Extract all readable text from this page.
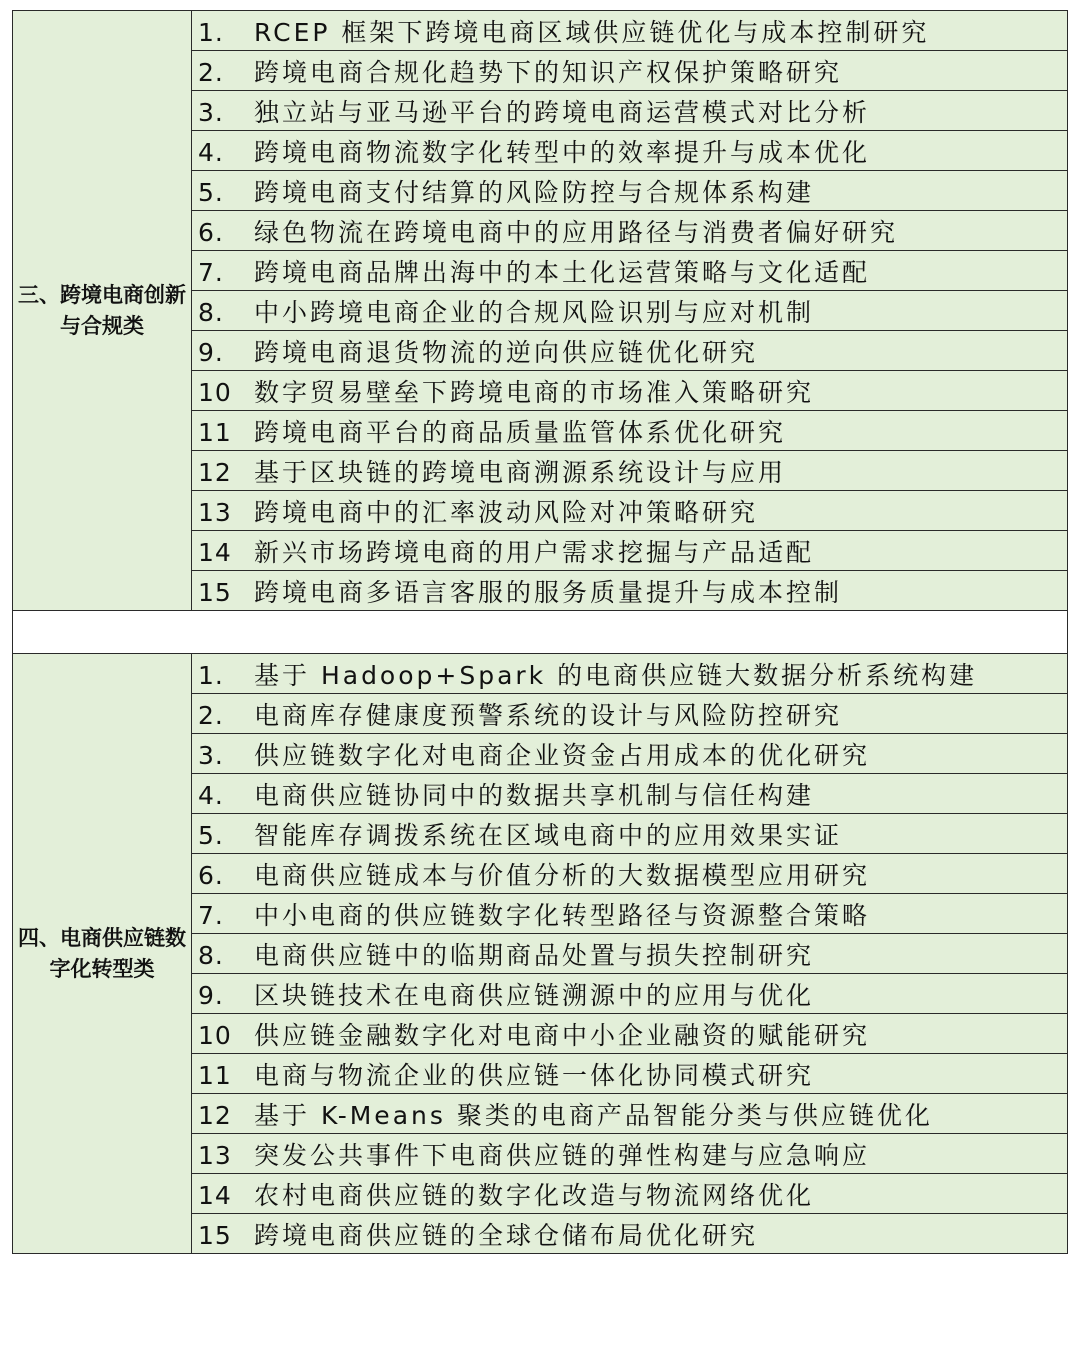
三、跨境电商创新与合规类	1. RCEP 框架下跨境电商区域供应链优化与成本控制研究
	2. 跨境电商合规化趋势下的知识产权保护策略研究
	3. 独立站与亚马逊平台的跨境电商运营模式对比分析
	4. 跨境电商物流数字化转型中的效率提升与成本优化
	5. 跨境电商支付结算的风险防控与合规体系构建
	6. 绿色物流在跨境电商中的应用路径与消费者偏好研究
	7. 跨境电商品牌出海中的本土化运营策略与文化适配
	8. 中小跨境电商企业的合规风险识别与应对机制
	9. 跨境电商退货物流的逆向供应链优化研究
	10 数字贸易壁垒下跨境电商的市场准入策略研究
	11 跨境电商平台的商品质量监管体系优化研究
	12 基于区块链的跨境电商溯源系统设计与应用
	13 跨境电商中的汇率波动风险对冲策略研究
	14 新兴市场跨境电商的用户需求挖掘与产品适配
	15 跨境电商多语言客服的服务质量提升与成本控制

四、电商供应链数字化转型类	1. 基于 Hadoop+Spark 的电商供应链大数据分析系统构建
	2. 电商库存健康度预警系统的设计与风险防控研究
	3. 供应链数字化对电商企业资金占用成本的优化研究
	4. 电商供应链协同中的数据共享机制与信任构建
	5. 智能库存调拨系统在区域电商中的应用效果实证
	6. 电商供应链成本与价值分析的大数据模型应用研究
	7. 中小电商的供应链数字化转型路径与资源整合策略
	8. 电商供应链中的临期商品处置与损失控制研究
	9. 区块链技术在电商供应链溯源中的应用与优化
	10 供应链金融数字化对电商中小企业融资的赋能研究
	11 电商与物流企业的供应链一体化协同模式研究
	12 基于 K-Means 聚类的电商产品智能分类与供应链优化
	13 突发公共事件下电商供应链的弹性构建与应急响应
	14 农村电商供应链的数字化改造与物流网络优化
	15 跨境电商供应链的全球仓储布局优化研究
